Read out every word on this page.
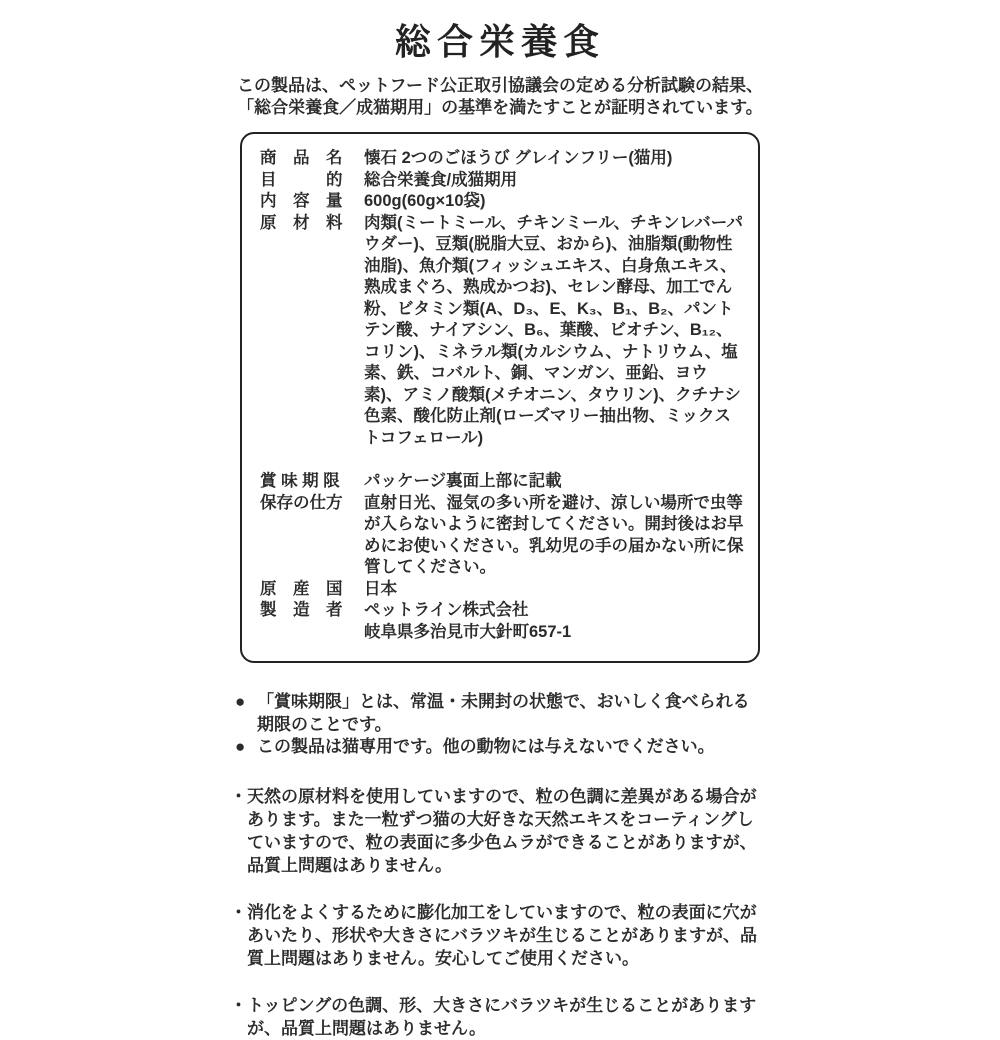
総合栄養食

この製品は、ペットフード公正取引協議会の定める分析試験の結果、
「総合栄養食／成猫期用」の基準を満たすことが証明されています。

商　品　名	懐石 2つのごほうび グレインフリー(猫用)
目　　　的	総合栄養食/成猫期用
内　容　量	600g(60g×10袋)
原　材　料	肉類(ミートミール、チキンミール、チキンレバーパウダー)、豆類(脱脂大豆、おから)、油脂類(動物性油脂)、魚介類(フィッシュエキス、白身魚エキス、熟成まぐろ、熟成かつお)、セレン酵母、加工でん粉、ビタミン類(A、D₃、E、K₃、B₁、B₂、パントテン酸、ナイアシン、B₆、葉酸、ビオチン、B₁₂、コリン)、ミネラル類(カルシウム、ナトリウム、塩素、鉄、コバルト、銅、マンガン、亜鉛、ヨウ素)、アミノ酸類(メチオニン、タウリン)、クチナシ色素、酸化防止剤(ローズマリー抽出物、ミックストコフェロール)
賞 味 期 限	パッケージ裏面上部に記載
保存の仕方	直射日光、湿気の多い所を避け、涼しい場所で虫等が入らないように密封してください。開封後はお早めにお使いください。乳幼児の手の届かない所に保管してください。
原　産　国	日本
製　造　者	ペットライン株式会社
岐阜県多治見市大針町657-1
● 「賞味期限」とは、常温・未開封の状態で、おいしく食べられる期限のことです。
● この製品は猫専用です。他の動物には与えないでください。
・ 天然の原材料を使用していますので、粒の色調に差異がある場合があります。また一粒ずつ猫の大好きな天然エキスをコーティングしていますので、粒の表面に多少色ムラができることがありますが、品質上問題はありません。
・ 消化をよくするために膨化加工をしていますので、粒の表面に穴があいたり、形状や大きさにバラツキが生じることがありますが、品質上問題はありません。安心してご使用ください。
・ トッピングの色調、形、大きさにバラツキが生じることがありますが、品質上問題はありません。
